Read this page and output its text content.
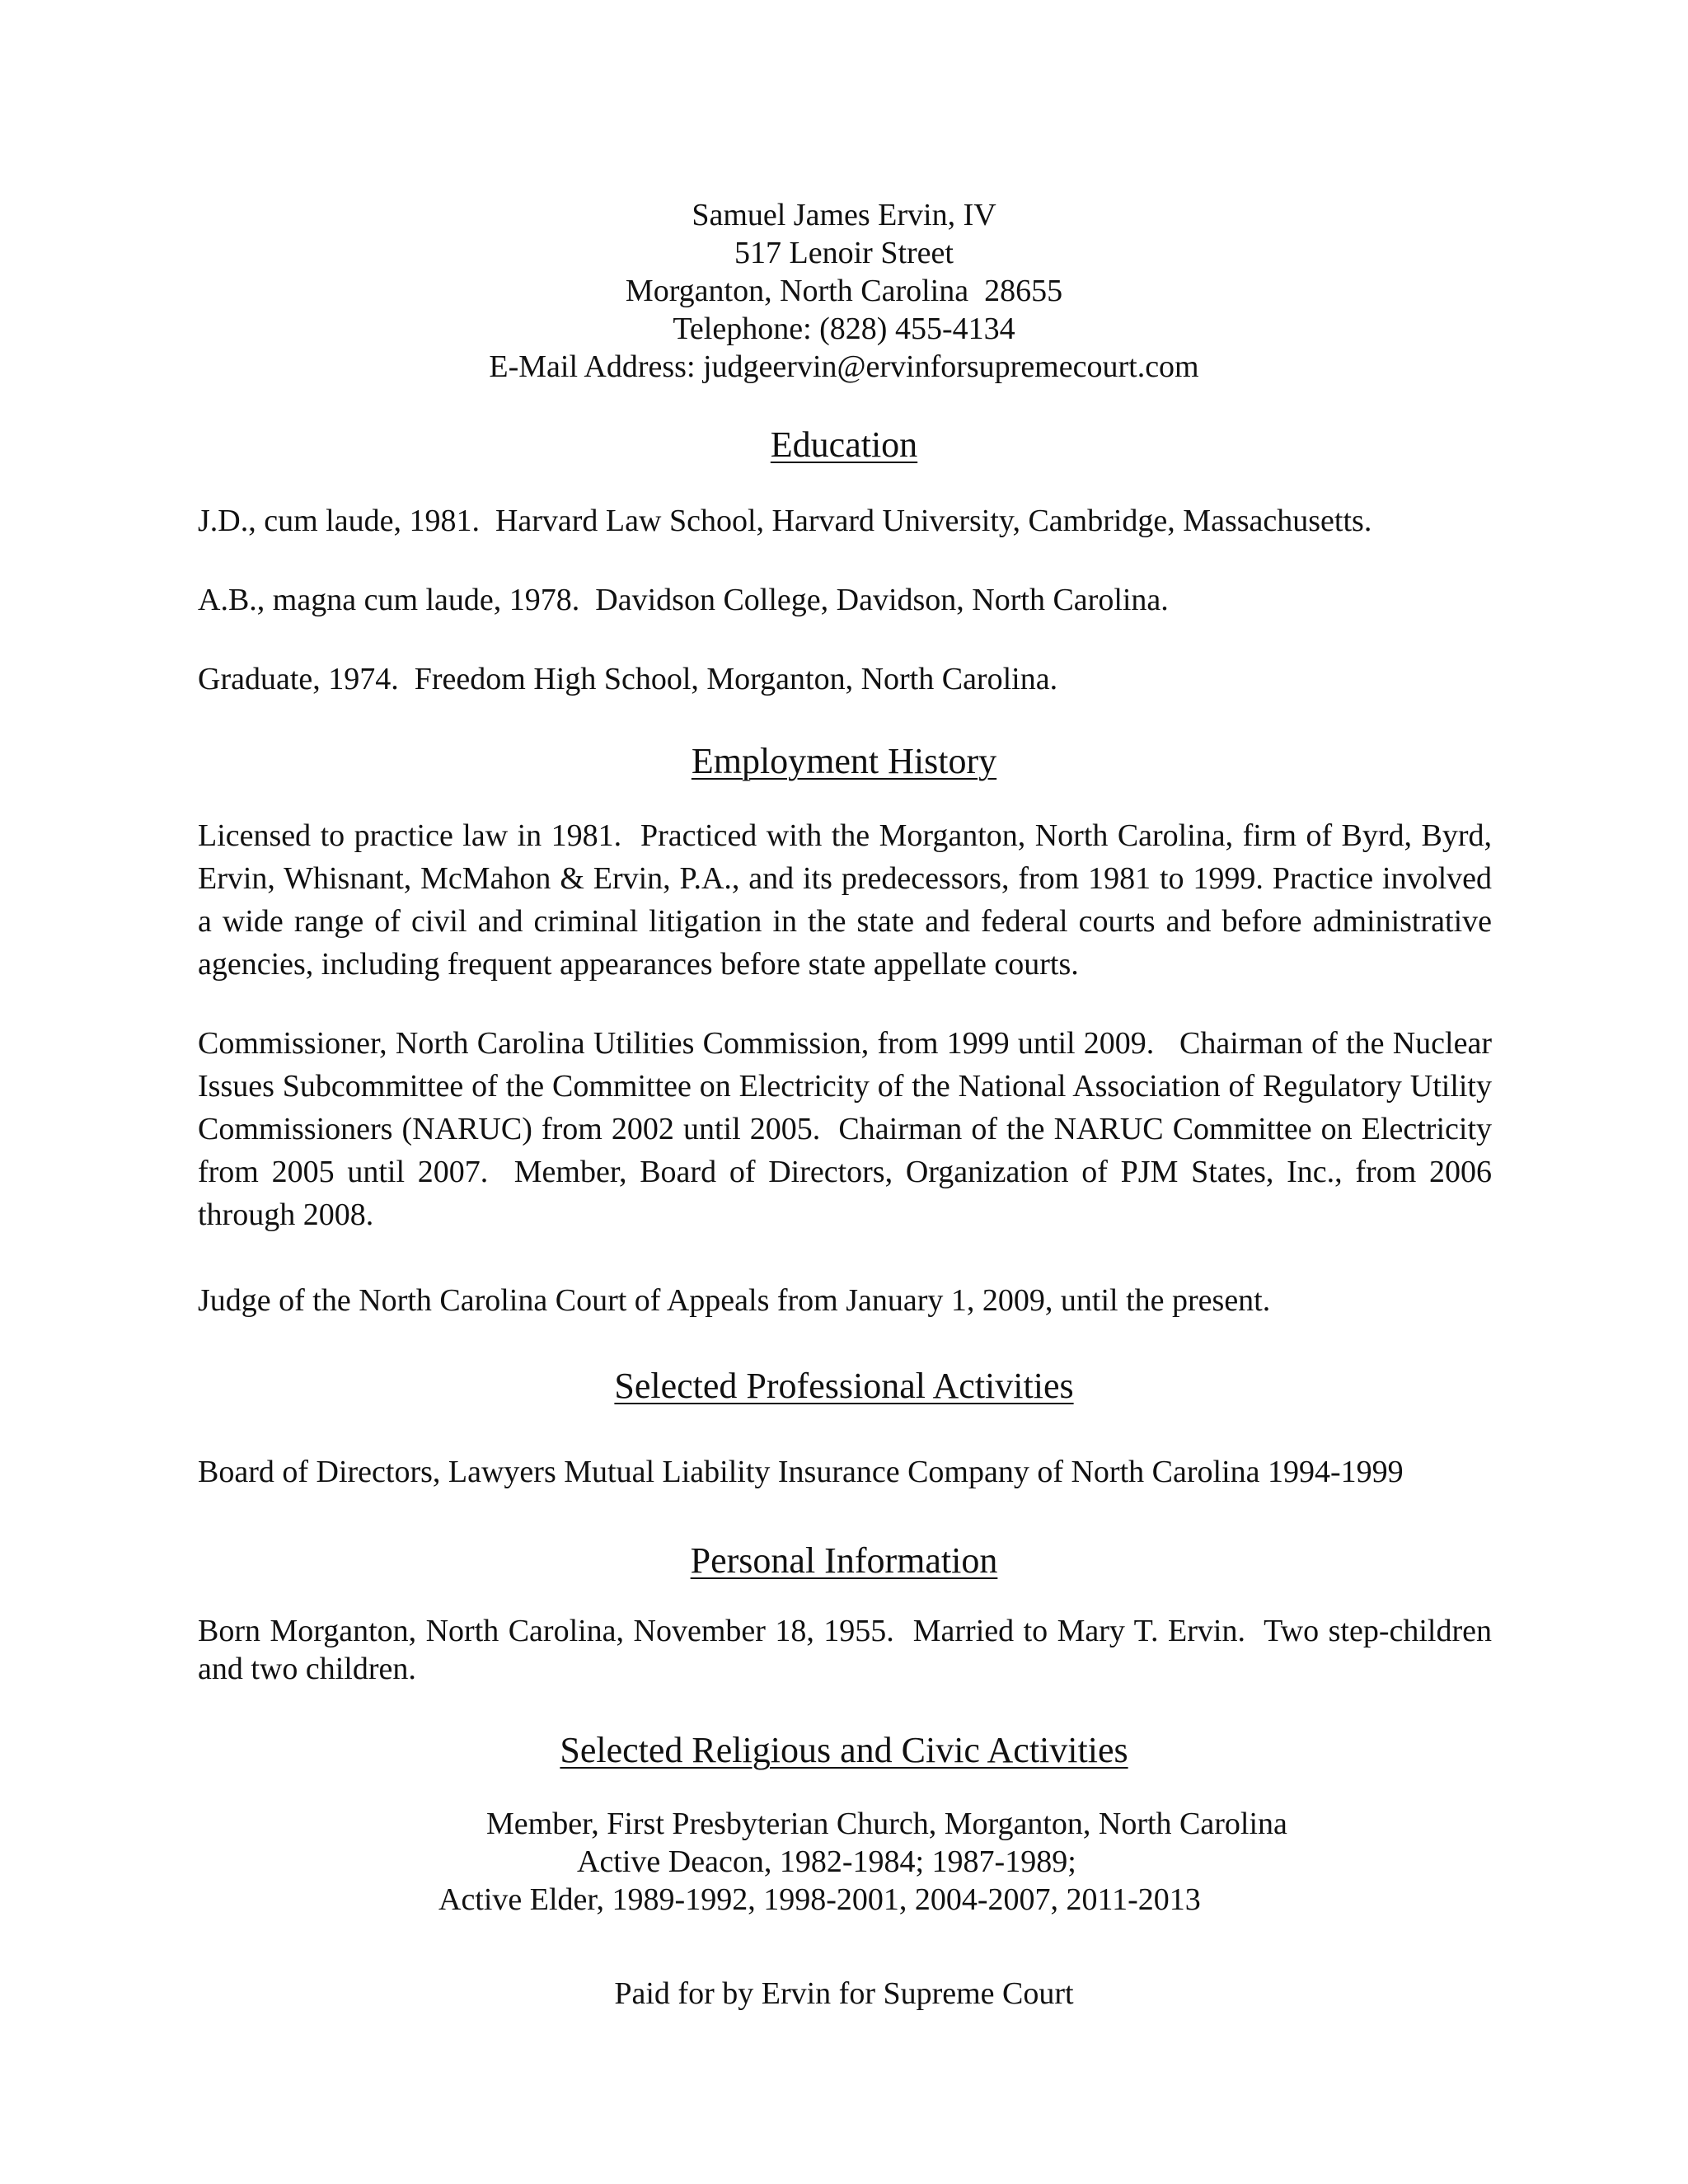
Samuel James Ervin, IV
517 Lenoir Street
Morganton, North Carolina  28655
Telephone: (828) 455-4134
E-Mail Address: judgeervin@ervinforsupremecourt.com
Education
J.D., cum laude, 1981.  Harvard Law School, Harvard University, Cambridge, Massachusetts.
A.B., magna cum laude, 1978.  Davidson College, Davidson, North Carolina.
Graduate, 1974.  Freedom High School, Morganton, North Carolina.
Employment History
Licensed to practice law in 1981.  Practiced with the Morganton, North Carolina, firm of Byrd, Byrd, Ervin, Whisnant, McMahon & Ervin, P.A., and its predecessors, from 1981 to 1999. Practice involved a wide range of civil and criminal litigation in the state and federal courts and before administrative agencies, including frequent appearances before state appellate courts.
Commissioner, North Carolina Utilities Commission, from 1999 until 2009.   Chairman of the Nuclear Issues Subcommittee of the Committee on Electricity of the National Association of Regulatory Utility Commissioners (NARUC) from 2002 until 2005.  Chairman of the NARUC Committee on Electricity from 2005 until 2007.  Member, Board of Directors, Organization of PJM States, Inc., from 2006 through 2008.
Judge of the North Carolina Court of Appeals from January 1, 2009, until the present.
Selected Professional Activities
Board of Directors, Lawyers Mutual Liability Insurance Company of North Carolina 1994-1999
Personal Information
Born Morganton, North Carolina, November 18, 1955.  Married to Mary T. Ervin.  Two step-children and two children.
Selected Religious and Civic Activities
Member, First Presbyterian Church, Morganton, North Carolina
Active Deacon, 1982-1984; 1987-1989;
Active Elder, 1989-1992, 1998-2001, 2004-2007, 2011-2013
Paid for by Ervin for Supreme Court
